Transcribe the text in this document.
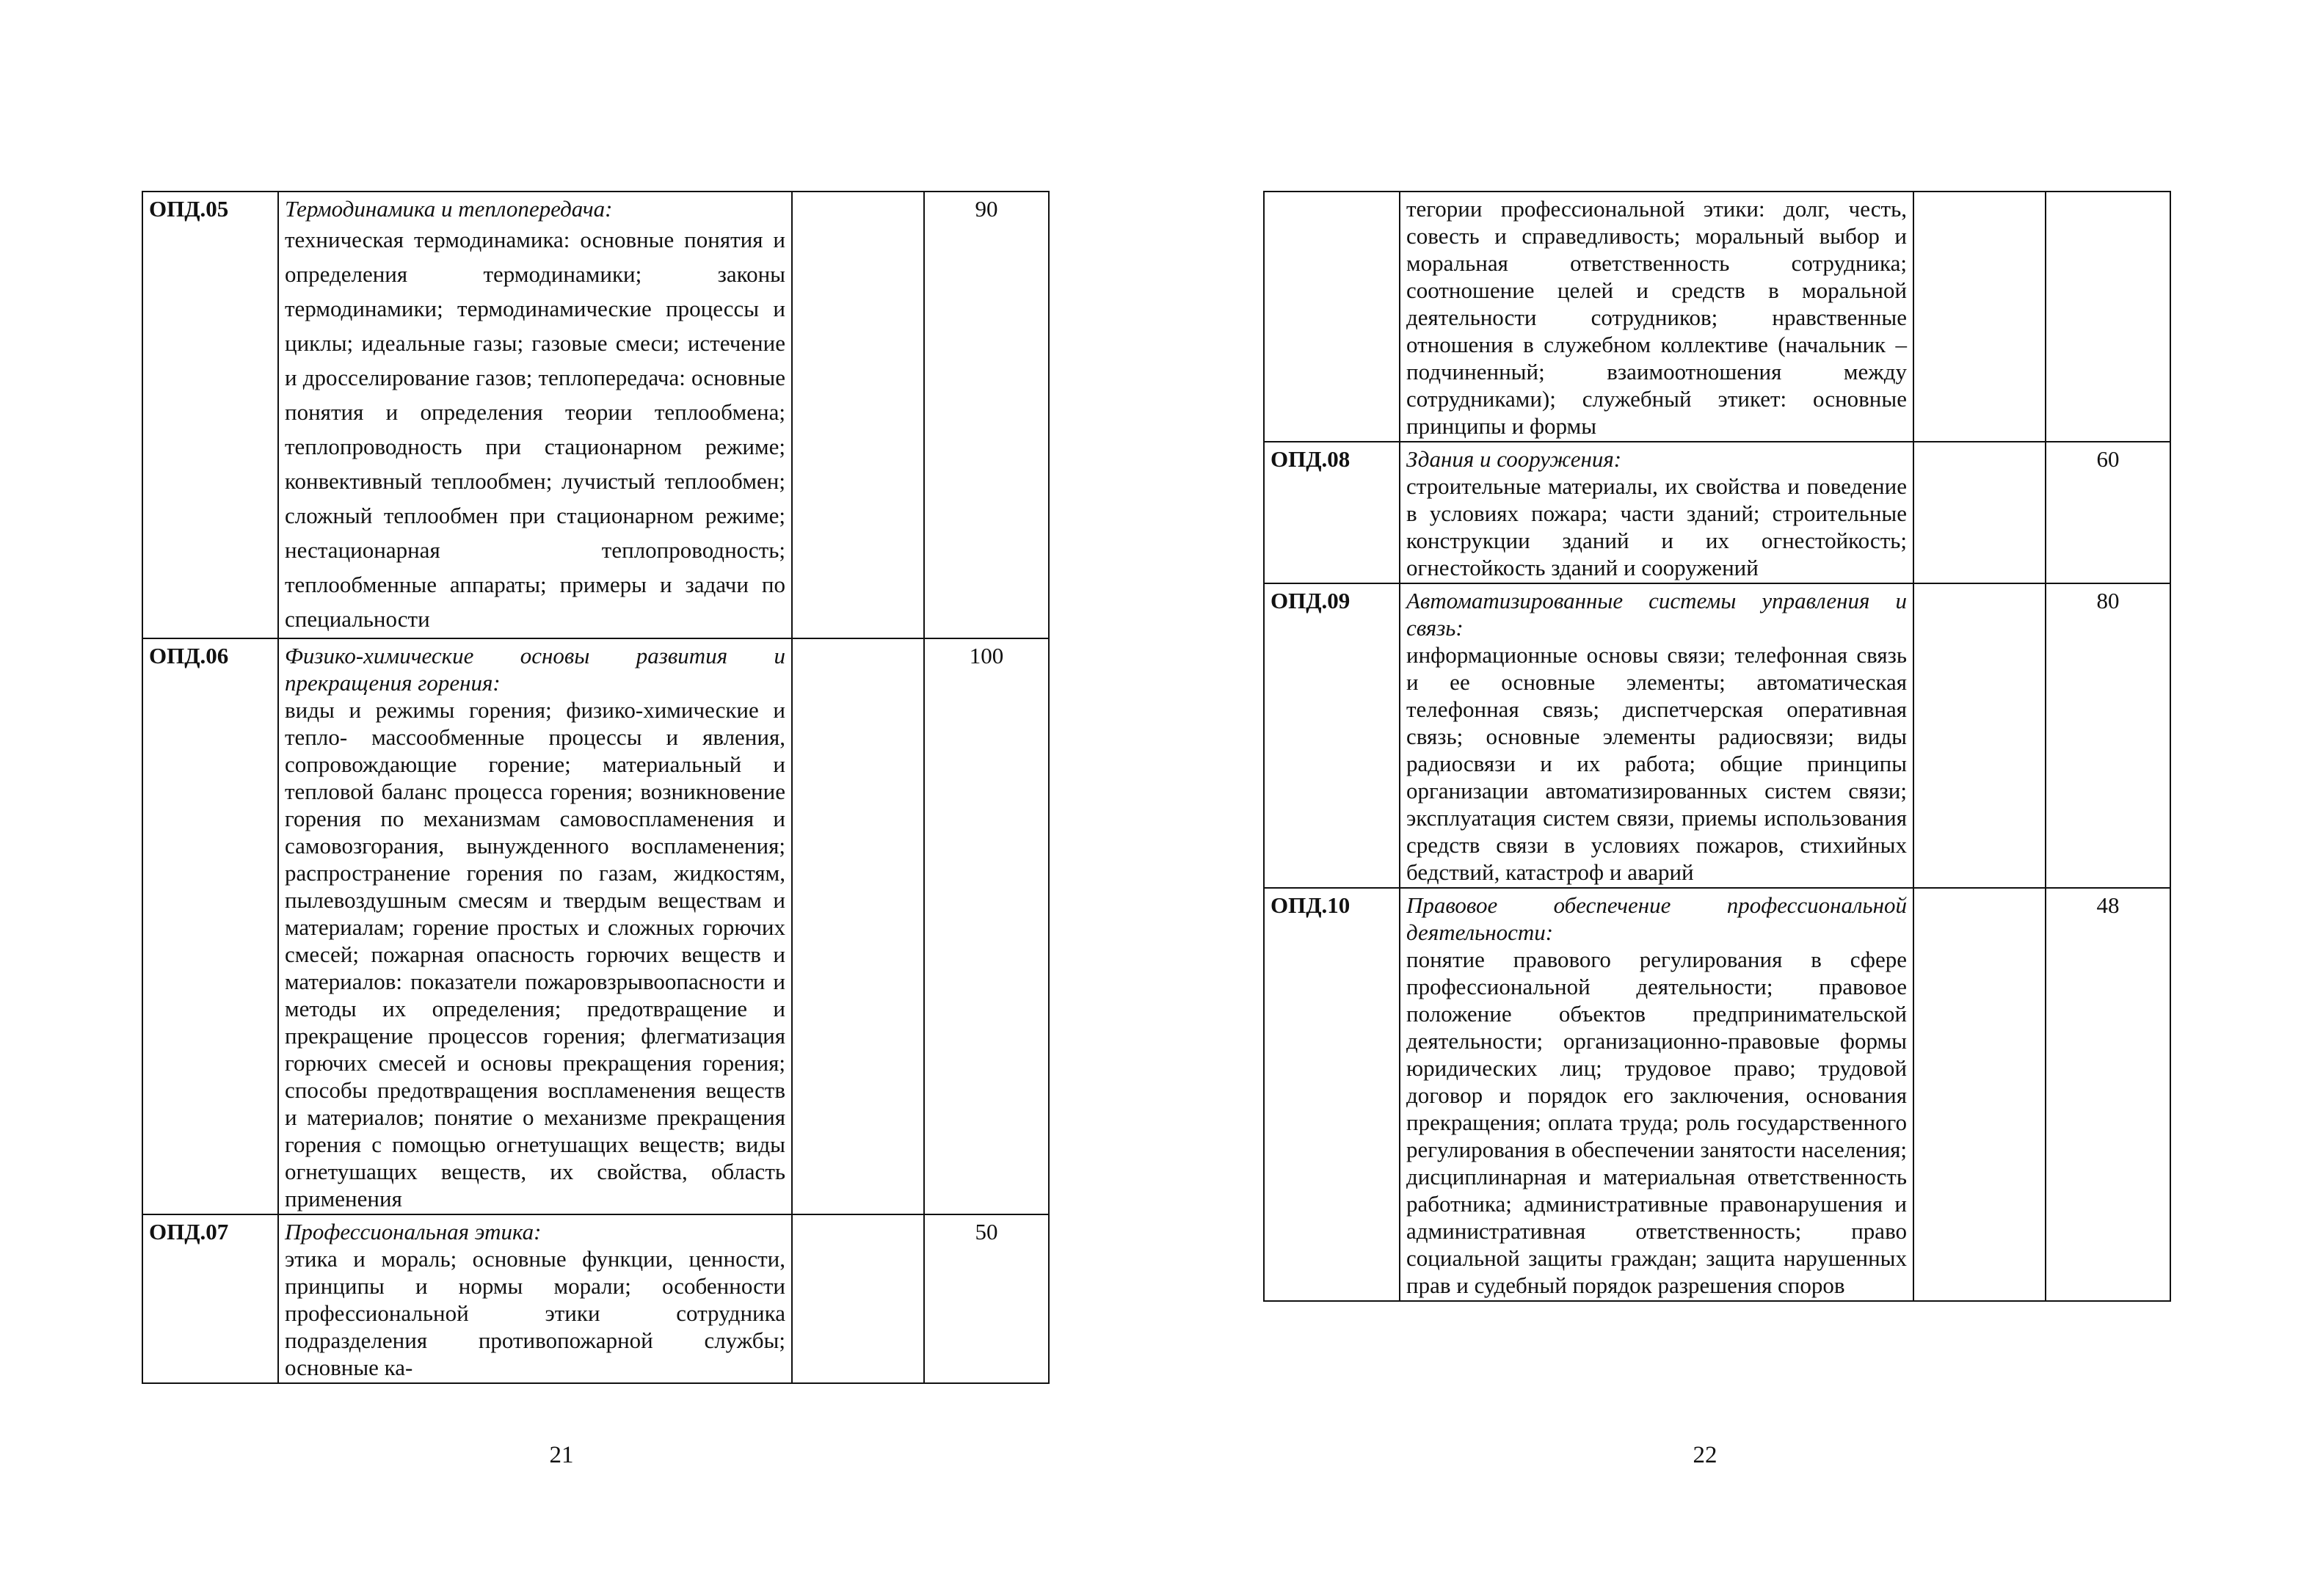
ОПД.05	Термодинамика и теплопередача:
техническая термодинамика: основные понятия и определения термодинамики; законы термодинамики; термодинамические процессы и циклы; идеальные газы; газовые смеси; истечение и дросселирование газов; теплопередача: основные понятия и определения теории теплообмена; теплопроводность при стационарном режиме; конвективный теплообмен; лучистый теплообмен; сложный теплообмен при стационарном режиме; нестационарная теплопроводность; теплообменные аппараты; примеры и задачи по специальности		90
ОПД.06	Физико-химические основы развития и прекращения горения:
виды и режимы горения; физико-химические и тепло- массообменные процессы и явления, сопровождающие горение; материальный и тепловой баланс процесса горения; возникновение горения по механизмам самовоспламенения и самовозгорания, вынужденного воспламенения; распространение горения по газам, жидкостям, пылевоздушным смесям и твердым веществам и материалам; горение простых и сложных горючих смесей; пожарная опасность горючих веществ и материалов: показатели пожаровзрывоопасности и методы их определения; предотвращение и прекращение процессов горения; флегматизация горючих смесей и основы прекращения горения; способы предотвращения воспламенения веществ и материалов; понятие о механизме прекращения горения с помощью огнетушащих веществ; виды огнетушащих веществ, их свойства, область применения		100
ОПД.07	Профессиональная этика:
этика и мораль; основные функции, ценности, принципы и нормы морали; особенности профессиональной этики сотрудника подразделения противопожарной службы; основные ка-		50
21

	тегории профессиональной этики: долг, честь, совесть и справедливость; моральный выбор и моральная ответственность сотрудника; соотношение целей и средств в моральной деятельности сотрудников; нравственные отношения в служебном коллективе (начальник – подчиненный; взаимоотношения между сотрудниками); служебный этикет: основные принципы и формы		

ОПД.08	Здания и сооружения:
строительные материалы, их свойства и поведение в условиях пожара; части зданий; строительные конструкции зданий и их огнестойкость; огнестойкость зданий и сооружений		60
ОПД.09	Автоматизированные системы управления и связь:
информационные основы связи; телефонная связь и ее основные элементы; автоматическая телефонная связь; диспетчерская оперативная связь; основные элементы радиосвязи; виды радиосвязи и их работа; общие принципы организации автоматизированных систем связи; эксплуатация систем связи, приемы использования средств связи в условиях пожаров, стихийных бедствий, катастроф и аварий		80
ОПД.10	Правовое обеспечение профессиональной деятельности:
понятие правового регулирования в сфере профессиональной деятельности; правовое положение объектов предпринимательской деятельности; организационно-правовые формы юридических лиц; трудовое право; трудовой договор и порядок его заключения, основания прекращения; оплата труда; роль государственного регулирования в обеспечении занятости населения; дисциплинарная и материальная ответственность работника; административные правонарушения и административная ответственность; право социальной защиты граждан; защита нарушенных прав и судебный порядок разрешения споров		48
22
